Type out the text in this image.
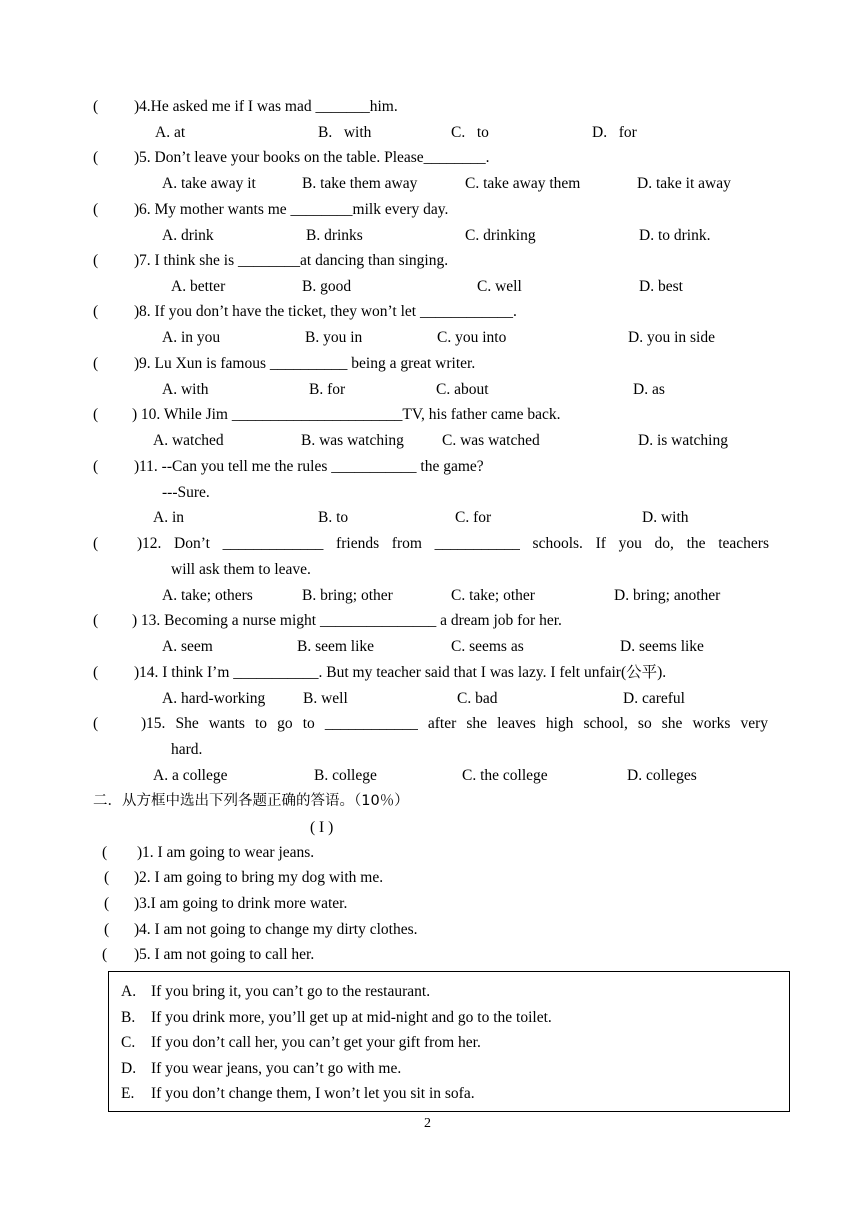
( ) 4.He asked me if I was mad _______him.
A. at	B.   with	C.   to	D.   for
( ) 5. Don’t leave your books on the table. Please________.
A. take away it	B. take them away	C. take away them	D. take it away
( ) 6. My mother wants me ________milk every day.
A. drink	B. drinks	C. drinking	D. to drink.
( ) 7. I think she is ________at dancing than singing.
A. better	B. good	C. well	D. best
( ) 8. If you don’t have the ticket, they won’t let ____________.
A. in you	B. you in	C. you into	D. you in side
( ) 9. Lu Xun is famous __________ being a great writer.
A. with	B. for	C. about	D. as
( ) 10. While Jim ______________________TV, his father came back.
A. watched	B. was watching C. was watched	D. is watching
( ) 11. --Can you tell me the rules ___________ the game?
---Sure.
A. in	B. to	C. for	D. with
(	) 12. Don’t _____________ friends from ___________ schools. If you do, the teachers
will ask them to leave.
A. take; others	B. bring; other	C. take; other	D. bring; another
( ) 13. Becoming a nurse might _______________ a dream job for her.
A. seem	B. seem like	C. seems as	D. seems like
( ) 14. I think I’m ___________. But my teacher said that I was lazy. I felt unfair(公平).
A. hard-working B. well	C. bad	D. careful
(	) 15. She wants to go to ____________ after she leaves high school, so she works very
hard.
A. a college	B. college	C. the college	D. colleges
二．从方框中选出下列各题正确的答语。（10％）
( I )
( ) 1. I am going to wear jeans.
( ) 2. I am going to bring my dog with me.
( ) 3.I am going to drink more water.
( ) 4. I am not going to change my dirty clothes.
( ) 5. I am not going to call her.
A. If you bring it, you can’t go to the restaurant.
B. If you drink more, you’ll get up at mid-night and go to the toilet.
C. If you don’t call her, you can’t get your gift from her.
D. If you wear jeans, you can’t go with me.
E. If you don’t change them, I won’t let you sit in sofa.
2
